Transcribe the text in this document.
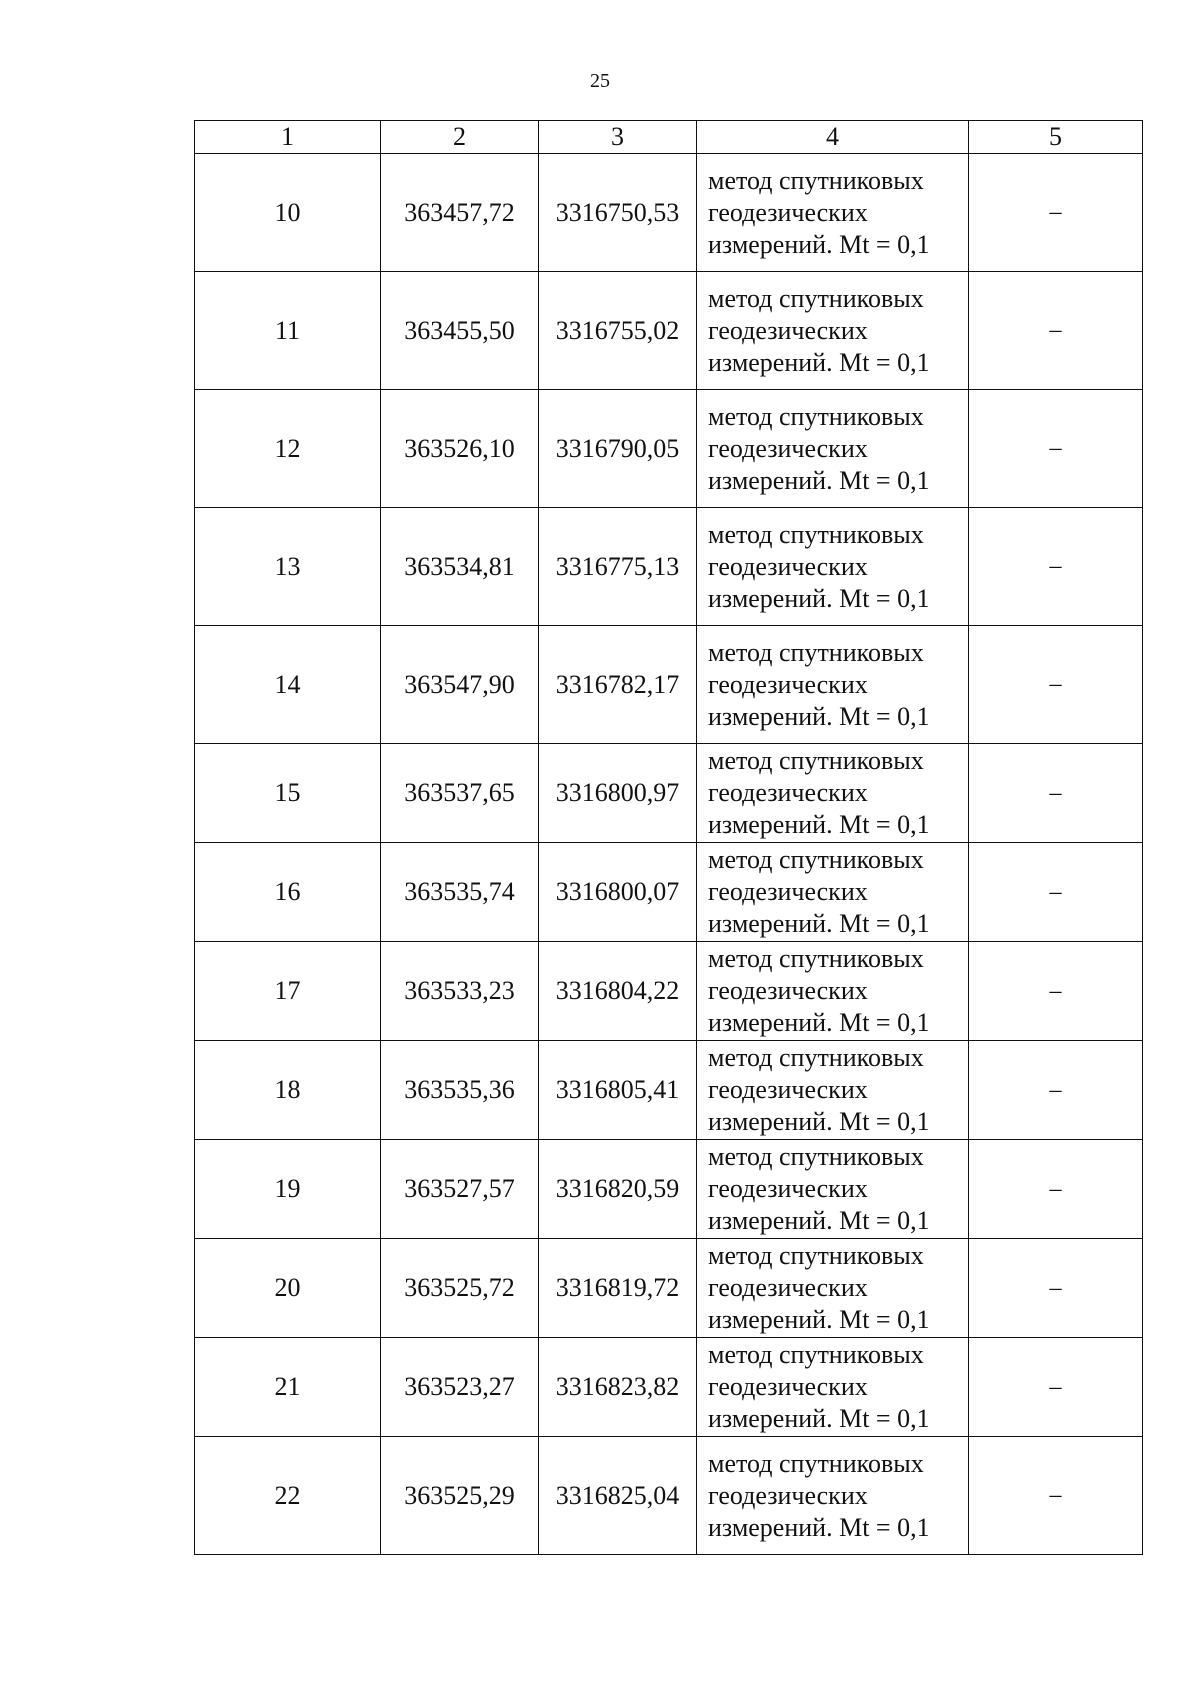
25
1	2	3	4	5
10	363457,72	3316750,53	метод спутниковых
геодезических
измерений. Mt = 0,1	–
11	363455,50	3316755,02	метод спутниковых
геодезических
измерений. Mt = 0,1	–
12	363526,10	3316790,05	метод спутниковых
геодезических
измерений. Mt = 0,1	–
13	363534,81	3316775,13	метод спутниковых
геодезических
измерений. Mt = 0,1	–
14	363547,90	3316782,17	метод спутниковых
геодезических
измерений. Mt = 0,1	–
15	363537,65	3316800,97	метод спутниковых
геодезических
измерений. Mt = 0,1	–
16	363535,74	3316800,07	метод спутниковых
геодезических
измерений. Mt = 0,1	–
17	363533,23	3316804,22	метод спутниковых
геодезических
измерений. Mt = 0,1	–
18	363535,36	3316805,41	метод спутниковых
геодезических
измерений. Mt = 0,1	–
19	363527,57	3316820,59	метод спутниковых
геодезических
измерений. Mt = 0,1	–
20	363525,72	3316819,72	метод спутниковых
геодезических
измерений. Mt = 0,1	–
21	363523,27	3316823,82	метод спутниковых
геодезических
измерений. Mt = 0,1	–
22	363525,29	3316825,04	метод спутниковых
геодезических
измерений. Mt = 0,1	–
